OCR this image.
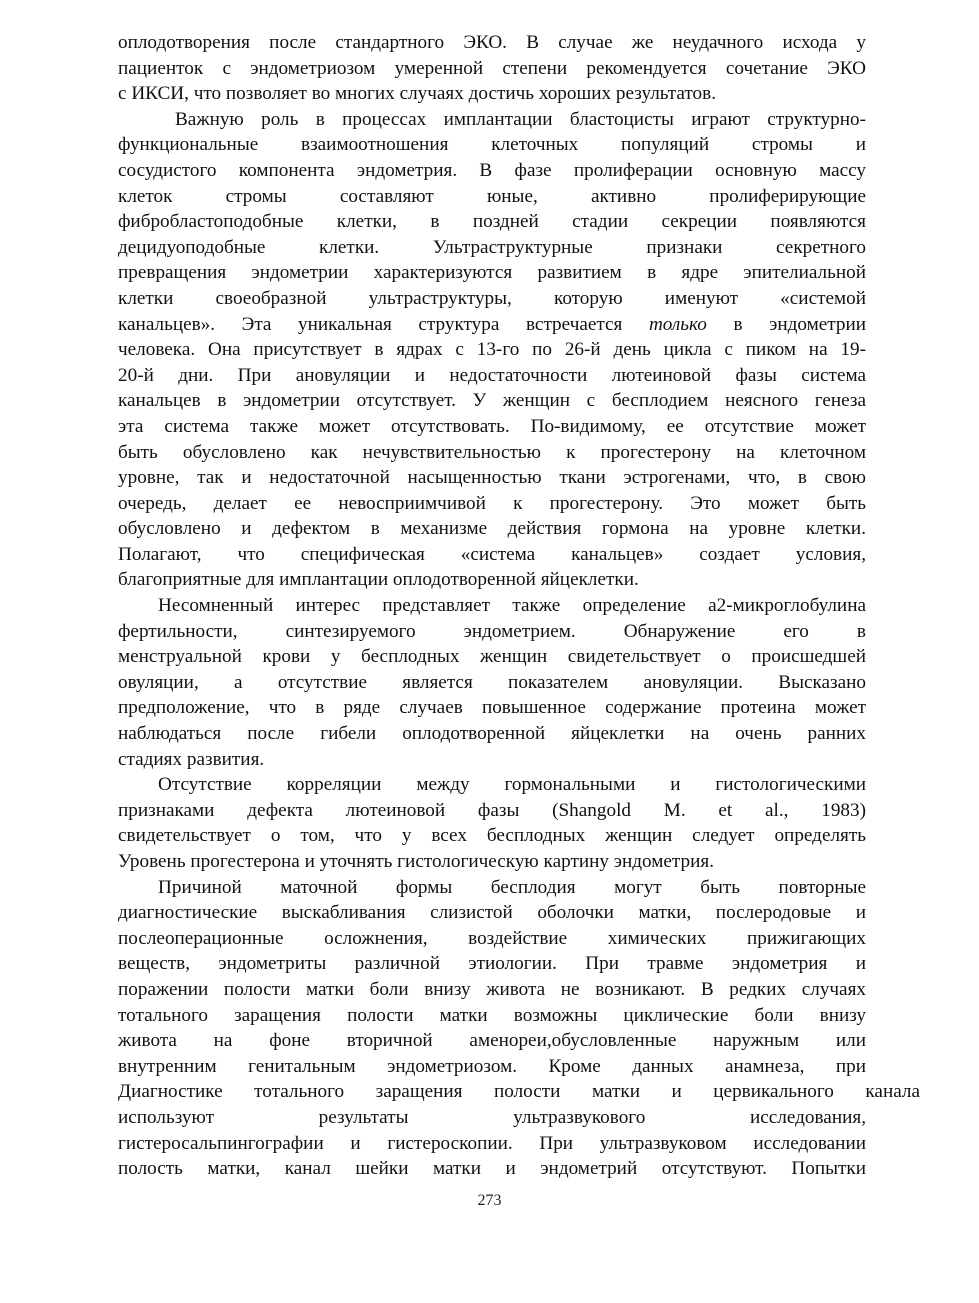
оплодотворения после стандартного ЭКО. В случае же неудачного исхода у
пациенток с эндометриозом умеренной степени рекомендуется сочетание ЭКО
с ИКСИ, что позволяет во многих случаях достичь хороших результатов.
Важную роль в процессах имплантации бластоцисты играют структурно-
функциональные взаимоотношения клеточных популяций стромы и
сосудистого компонента эндометрия. В фазе пролиферации основную массу
клеток стромы составляют юные, активно пролиферирующие
фибробластоподобные клетки, в поздней стадии секреции появляются
децидуоподобные клетки. Ультраструктурные признаки секретного
превращения эндометрии характеризуются развитием в ядре эпителиальной
клетки своеобразной ультраструктуры, которую именуют «системой
канальцев». Эта уникальная структура встречается только в эндометрии
человека. Она присутствует в ядрах с 13-го по 26-й день цикла с пиком на 19-
20-й дни. При ановуляции и недостаточности лютеиновой фазы система
канальцев в эндометрии отсутствует. У женщин с бесплодием неясного генеза
эта система также может отсутствовать. По-видимому, ее отсутствие может
быть обусловлено как нечувствительностью к прогестерону на клеточном
уровне, так и недостаточной насыщенностью ткани эстрогенами, что, в свою
очередь, делает ее невосприимчивой к прогестерону. Это может быть
обусловлено и дефектом в механизме действия гормона на уровне клетки.
Полагают, что специфическая «система канальцев» создает условия,
благоприятные для имплантации оплодотворенной яйцеклетки.
Несомненный интерес представляет также определение а2-микроглобулина
фертильности, синтезируемого эндометрием. Обнаружение его в
менструальной крови у бесплодных женщин свидетельствует о происшедшей
овуляции, а отсутствие является показателем ановуляции. Высказано
предположение, что в ряде случаев повышенное содержание протеина может
наблюдаться после гибели оплодотворенной яйцеклетки на очень ранних
стадиях развития.
Отсутствие корреляции между гормональными и гистологическими
признаками дефекта лютеиновой фазы (Shangold M. et al., 1983)
свидетельствует о том, что у всех бесплодных женщин следует определять
Уровень прогестерона и уточнять гистологическую картину эндометрия.
Причиной маточной формы бесплодия могут быть повторные
диагностические выскабливания слизистой оболочки матки, послеродовые и
послеоперационные осложнения, воздействие химических прижигающих
веществ, эндометриты различной этиологии. При травме эндометрия и
поражении полости матки боли внизу живота не возникают. В редких случаях
тотального заращения полости матки возможны циклические боли внизу
живота на фоне вторичной аменореи,обусловленные наружным или
внутренним генитальным эндометриозом. Кроме данных анамнеза, при
Диагностике тотального заращения полости матки и цервикального канала
используют результаты ультразвукового исследования,
гистеросальпингографии и гистероскопии. При ультразвуковом исследовании
полость матки, канал шейки матки и эндометрий отсутствуют. Попытки
273
